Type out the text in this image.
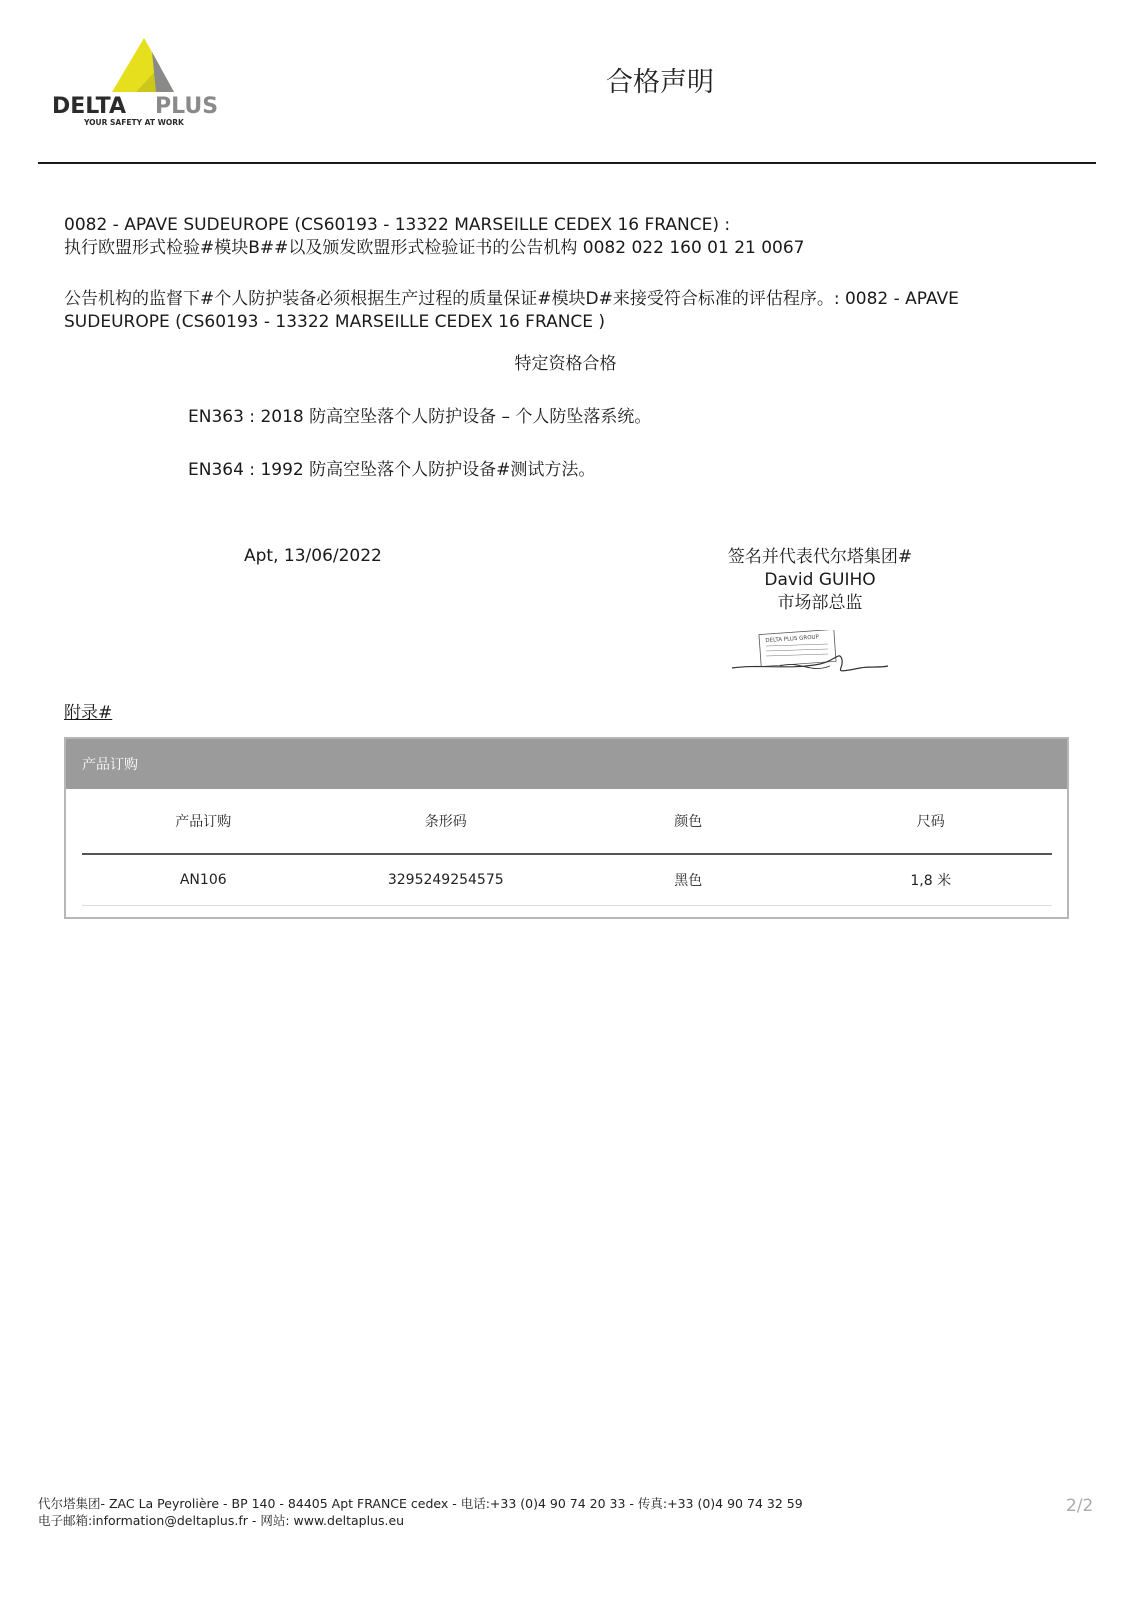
DELTA PLUS
YOUR SAFETY AT WORK
合格声明
0082 - APAVE SUDEUROPE (CS60193 - 13322 MARSEILLE CEDEX 16 FRANCE) :
执行欧盟形式检验#模块B##以及颁发欧盟形式检验证书的公告机构 0082 022 160 01 21 0067
公告机构的监督下#个人防护装备必须根据生产过程的质量保证#模块D#来接受符合标准的评估程序。: 0082 - APAVE SUDEUROPE (CS60193 - 13322 MARSEILLE CEDEX 16 FRANCE )
特定资格合格
EN363 : 2018 防高空坠落个人防护设备 – 个人防坠落系统。
EN364 : 1992 防高空坠落个人防护设备#测试方法。
Apt, 13/06/2022	签名并代表代尔塔集团#
David GUIHO
市场部总监
DELTA PLUS GROUP
附录#
产品订购
产品订购	条形码	颜色	尺码
AN106	3295249254575	黑色	1,8 米
代尔塔集团- ZAC La Peyrolière - BP 140 - 84405 Apt FRANCE cedex - 电话:+33 (0)4 90 74 20 33 - 传真:+33 (0)4 90 74 32 59
电子邮箱:information@deltaplus.fr - 网站: www.deltaplus.eu
2/2
